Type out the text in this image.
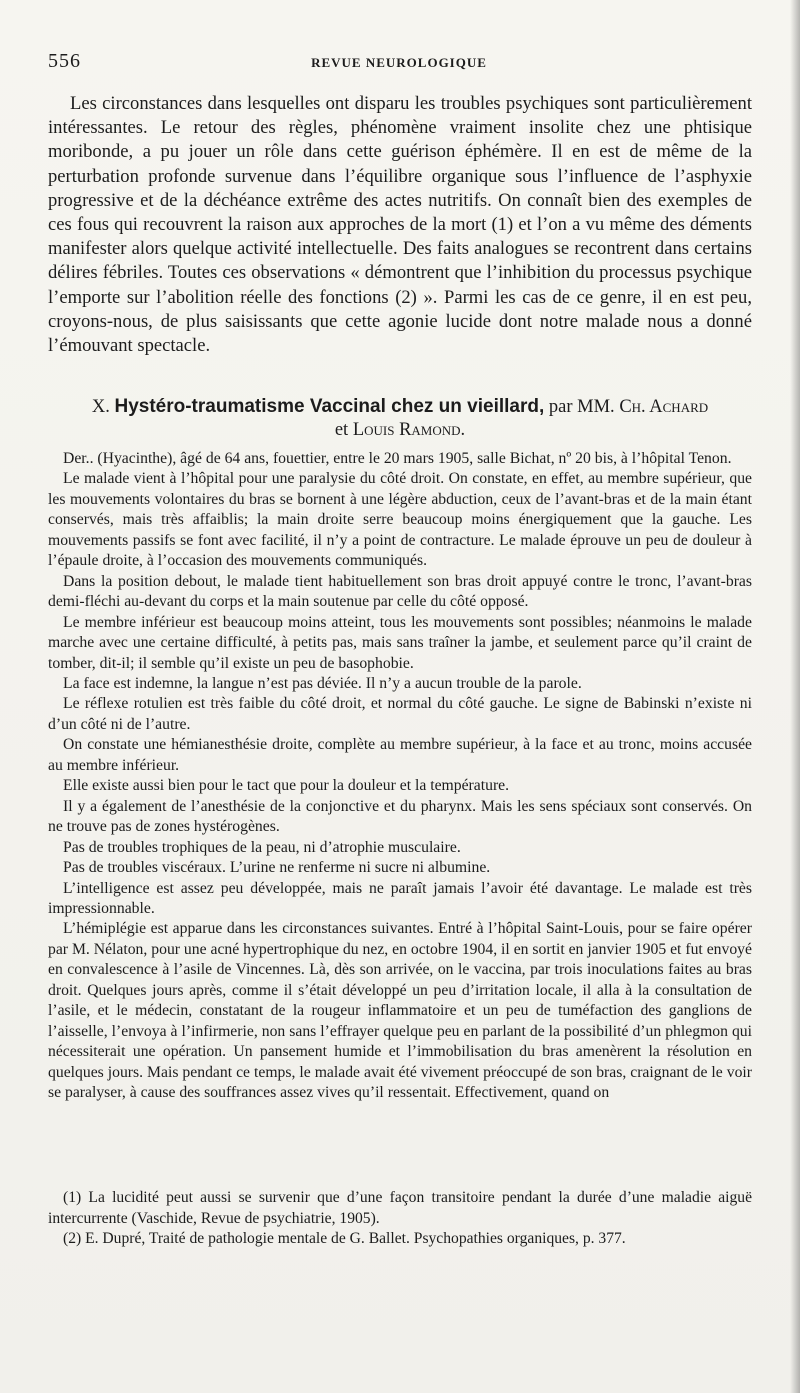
556	REVUE NEUROLOGIQUE

Les circonstances dans lesquelles ont disparu les troubles psychiques sont particulièrement intéressantes. Le retour des règles, phénomène vraiment insolite chez une phtisique moribonde, a pu jouer un rôle dans cette guérison éphémère. Il en est de même de la perturbation profonde survenue dans l’équilibre organique sous l’influence de l’asphyxie progressive et de la déchéance extrême des actes nutritifs. On connaît bien des exemples de ces fous qui recouvrent la raison aux approches de la mort (1) et l’on a vu même des déments manifester alors quelque activité intellectuelle. Des faits analogues se recontrent dans certains délires fébriles. Toutes ces observations « démontrent que l’inhibition du processus psychique l’emporte sur l’abolition réelle des fonctions (2) ». Parmi les cas de ce genre, il en est peu, croyons-nous, de plus saisissants que cette agonie lucide dont notre malade nous a donné l’émouvant spectacle.

X. Hystéro-traumatisme Vaccinal chez un vieillard, par MM. Ch. Achard
et Louis Ramond.

Der.. (Hyacinthe), âgé de 64 ans, fouettier, entre le 20 mars 1905, salle Bichat, nº 20 bis, à l’hôpital Tenon.

Le malade vient à l’hôpital pour une paralysie du côté droit. On constate, en effet, au membre supérieur, que les mouvements volontaires du bras se bornent à une légère abduction, ceux de l’avant-bras et de la main étant conservés, mais très affaiblis; la main droite serre beaucoup moins énergiquement que la gauche. Les mouvements passifs se font avec facilité, il n’y a point de contracture. Le malade éprouve un peu de douleur à l’épaule droite, à l’occasion des mouvements communiqués.

Dans la position debout, le malade tient habituellement son bras droit appuyé contre le tronc, l’avant-bras demi-fléchi au-devant du corps et la main soutenue par celle du côté opposé.

Le membre inférieur est beaucoup moins atteint, tous les mouvements sont possibles; néanmoins le malade marche avec une certaine difficulté, à petits pas, mais sans traîner la jambe, et seulement parce qu’il craint de tomber, dit-il; il semble qu’il existe un peu de basophobie.

La face est indemne, la langue n’est pas déviée. Il n’y a aucun trouble de la parole.

Le réflexe rotulien est très faible du côté droit, et normal du côté gauche. Le signe de Babinski n’existe ni d’un côté ni de l’autre.

On constate une hémianesthésie droite, complète au membre supérieur, à la face et au tronc, moins accusée au membre inférieur.

Elle existe aussi bien pour le tact que pour la douleur et la température.

Il y a également de l’anesthésie de la conjonctive et du pharynx. Mais les sens spéciaux sont conservés. On ne trouve pas de zones hystérogènes.

Pas de troubles trophiques de la peau, ni d’atrophie musculaire.

Pas de troubles viscéraux. L’urine ne renferme ni sucre ni albumine.

L’intelligence est assez peu développée, mais ne paraît jamais l’avoir été davantage. Le malade est très impressionnable.

L’hémiplégie est apparue dans les circonstances suivantes. Entré à l’hôpital Saint-Louis, pour se faire opérer par M. Nélaton, pour une acné hypertrophique du nez, en octobre 1904, il en sortit en janvier 1905 et fut envoyé en convalescence à l’asile de Vincennes. Là, dès son arrivée, on le vaccina, par trois inoculations faites au bras droit. Quelques jours après, comme il s’était développé un peu d’irritation locale, il alla à la consultation de l’asile, et le médecin, constatant de la rougeur inflammatoire et un peu de tuméfaction des ganglions de l’aisselle, l’envoya à l’infirmerie, non sans l’effrayer quelque peu en parlant de la possibilité d’un phlegmon qui nécessiterait une opération. Un pansement humide et l’immobilisation du bras amenèrent la résolution en quelques jours. Mais pendant ce temps, le malade avait été vivement préoccupé de son bras, craignant de le voir se paralyser, à cause des souffrances assez vives qu’il ressentait. Effectivement, quand on

(1) La lucidité peut aussi se survenir que d’une façon transitoire pendant la durée d’une maladie aiguë intercurrente (Vaschide, Revue de psychiatrie, 1905).

(2) E. Dupré, Traité de pathologie mentale de G. Ballet. Psychopathies organiques, p. 377.
